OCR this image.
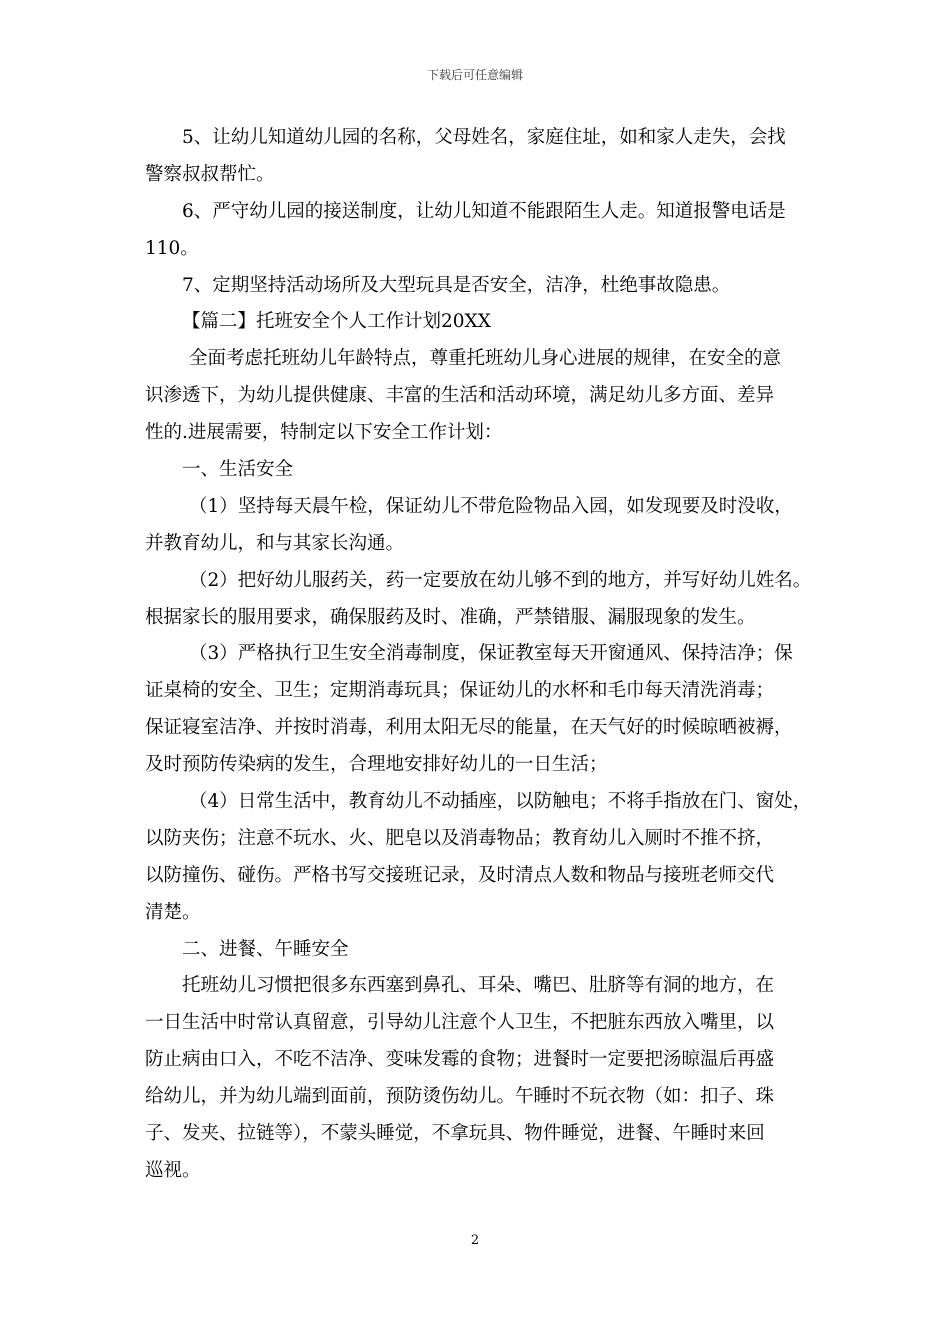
下载后可任意编辑
5、让幼儿知道幼儿园的名称，父母姓名，家庭住址，如和家人走失，会找
警察叔叔帮忙。
6、严守幼儿园的接送制度，让幼儿知道不能跟陌生人走。知道报警电话是
110。
7、定期坚持活动场所及大型玩具是否安全，洁净，杜绝事故隐患。
【篇二】托班安全个人工作计划20XX
全面考虑托班幼儿年龄特点，尊重托班幼儿身心进展的规律，在安全的意
识渗透下，为幼儿提供健康、丰富的生活和活动环境，满足幼儿多方面、差异
性的.进展需要，特制定以下安全工作计划：
一、生活安全
（1）坚持每天晨午检，保证幼儿不带危险物品入园，如发现要及时没收，
并教育幼儿，和与其家长沟通。
（2）把好幼儿服药关，药一定要放在幼儿够不到的地方，并写好幼儿姓名。
根据家长的服用要求，确保服药及时、准确，严禁错服、漏服现象的发生。
（3）严格执行卫生安全消毒制度，保证教室每天开窗通风、保持洁净；保
证桌椅的安全、卫生；定期消毒玩具；保证幼儿的水杯和毛巾每天清洗消毒；
保证寝室洁净、并按时消毒，利用太阳无尽的能量，在天气好的时候晾晒被褥，
及时预防传染病的发生，合理地安排好幼儿的一日生活；
（4）日常生活中，教育幼儿不动插座，以防触电；不将手指放在门、窗处，
以防夹伤；注意不玩水、火、肥皂以及消毒物品；教育幼儿入厕时不推不挤，
以防撞伤、碰伤。严格书写交接班记录，及时清点人数和物品与接班老师交代
清楚。
二、进餐、午睡安全
托班幼儿习惯把很多东西塞到鼻孔、耳朵、嘴巴、肚脐等有洞的地方，在
一日生活中时常认真留意，引导幼儿注意个人卫生，不把脏东西放入嘴里，以
防止病由口入，不吃不洁净、变味发霉的食物；进餐时一定要把汤晾温后再盛
给幼儿，并为幼儿端到面前，预防烫伤幼儿。午睡时不玩衣物（如：扣子、珠
子、发夹、拉链等），不蒙头睡觉，不拿玩具、物件睡觉，进餐、午睡时来回
巡视。
2
